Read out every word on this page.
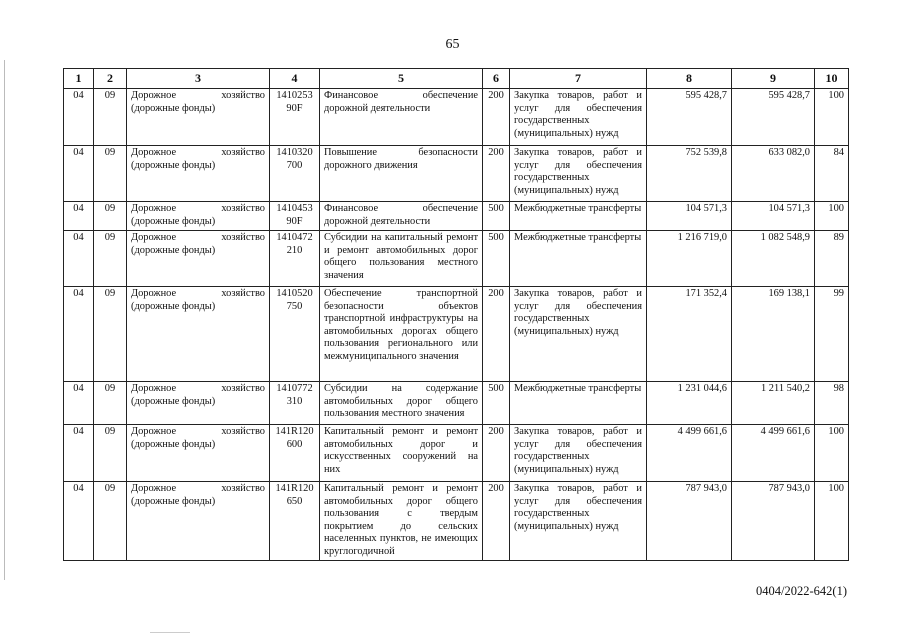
65
1	2	3	4	5	6	7	8	9	10
04	09	Дорожное хозяйство (дорожные фонды)	1410253 90F	Финансовое обеспечение дорожной деятельности	200	Закупка товаров, работ и услуг для обеспечения государственных (муниципальных) нужд	595 428,7	595 428,7	100
04	09	Дорожное хозяйство (дорожные фонды)	1410320 700	Повышение безопасности дорожного движения	200	Закупка товаров, работ и услуг для обеспечения государственных (муниципальных) нужд	752 539,8	633 082,0	84
04	09	Дорожное хозяйство (дорожные фонды)	1410453 90F	Финансовое обеспечение дорожной деятельности	500	Межбюджетные трансферты	104 571,3	104 571,3	100
04	09	Дорожное хозяйство (дорожные фонды)	1410472 210	Субсидии на капитальный ремонт и ремонт автомобильных дорог общего пользования местного значения	500	Межбюджетные трансферты	1 216 719,0	1 082 548,9	89
04	09	Дорожное хозяйство (дорожные фонды)	1410520 750	Обеспечение транспортной безопасности объектов транспортной инфраструктуры на автомобильных дорогах общего пользования регионального или межмуниципального значения	200	Закупка товаров, работ и услуг для обеспечения государственных (муниципальных) нужд	171 352,4	169 138,1	99
04	09	Дорожное хозяйство (дорожные фонды)	1410772 310	Субсидии на содержание автомобильных дорог общего пользования местного значения	500	Межбюджетные трансферты	1 231 044,6	1 211 540,2	98
04	09	Дорожное хозяйство (дорожные фонды)	141R120 600	Капитальный ремонт и ремонт автомобильных дорог и искусственных сооружений на них	200	Закупка товаров, работ и услуг для обеспечения государственных (муниципальных) нужд	4 499 661,6	4 499 661,6	100
04	09	Дорожное хозяйство (дорожные фонды)	141R120 650	Капитальный ремонт и ремонт автомобильных дорог общего пользования с твердым покрытием до сельских населенных пунктов, не имеющих круглогодичной	200	Закупка товаров, работ и услуг для обеспечения государственных (муниципальных) нужд	787 943,0	787 943,0	100
0404/2022-642(1)
